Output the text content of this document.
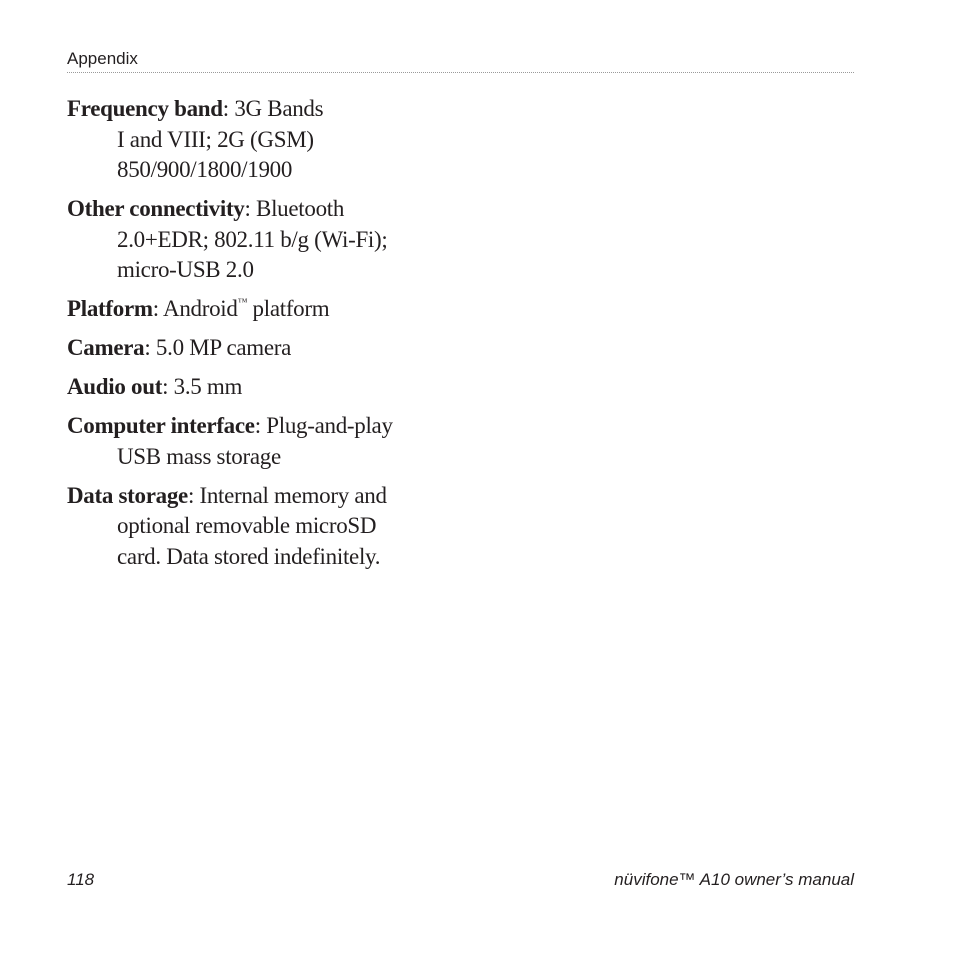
Appendix

Frequency band: 3G Bands
I and VIII; 2G (GSM)
850/900/1800/1900

Other connectivity: Bluetooth
2.0+EDR; 802.11 b/g (Wi-Fi);
micro-USB 2.0

Platform: Android™ platform

Camera: 5.0 MP camera

Audio out: 3.5 mm

Computer interface: Plug-and-play
USB mass storage

Data storage: Internal memory and
optional removable microSD
card. Data stored indefinitely.

118	nüvifone™ A10 owner’s manual
